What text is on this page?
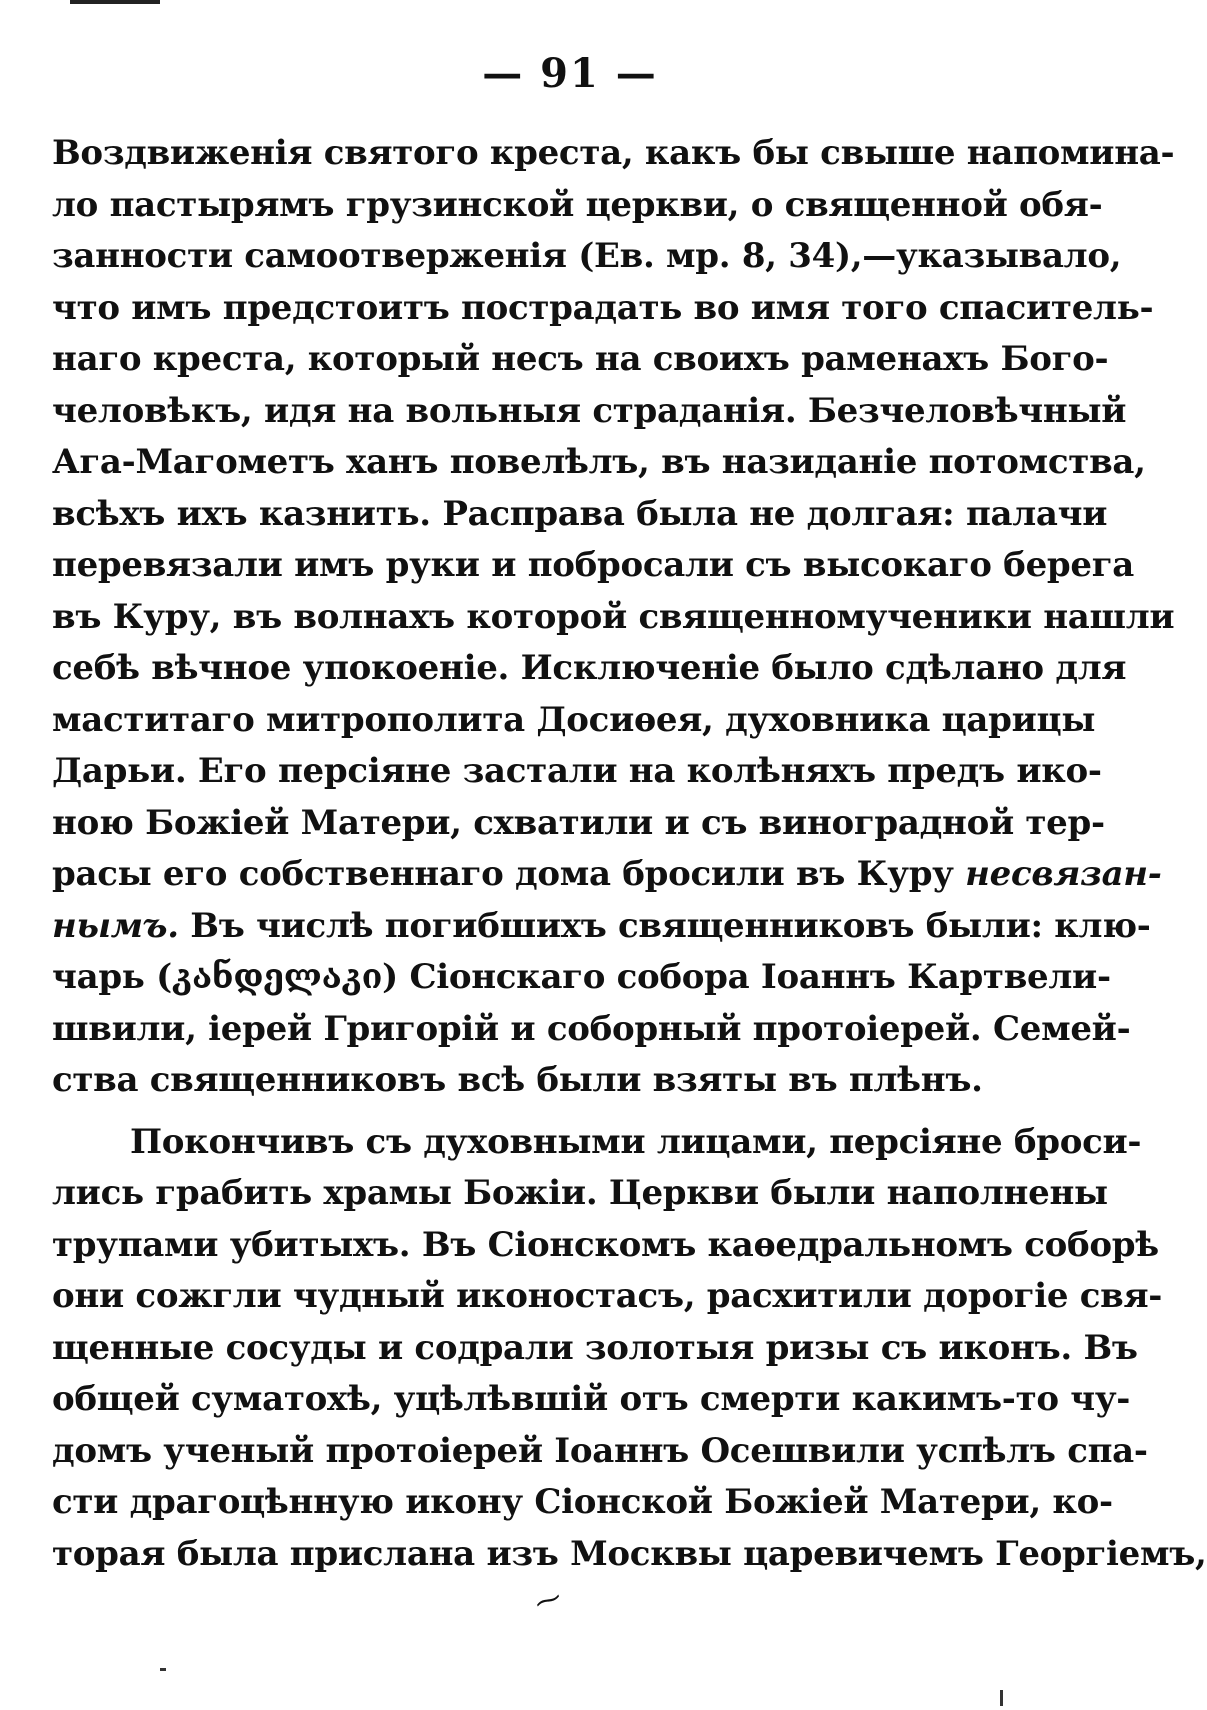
— 91 —
Воздвиженія святого креста, какъ бы свыше напомина-
ло пастырямъ грузинской церкви, о священной обя-
занности самоотверженія (Ев. мр. 8, 34),—указывало,
что имъ предстоитъ пострадать во имя того спаситель-
наго креста, который несъ на своихъ раменахъ Бого-
человѣкъ, идя на вольныя страданія. Безчеловѣчный
Ага-Магометъ ханъ повелѣлъ, въ назиданіе потомства,
всѣхъ ихъ казнить. Расправа была не долгая: палачи
перевязали имъ руки и побросали съ высокаго берега
въ Куру, въ волнахъ которой священномученики нашли
себѣ вѣчное упокоеніе. Исключеніе было сдѣлано для
маститаго митрополита Досиѳея, духовника царицы
Дарьи. Его персіяне застали на колѣняхъ предъ ико-
ною Божіей Матери, схватили и съ виноградной тер-
расы его собственнаго дома бросили въ Куру несвязан-
нымъ. Въ числѣ погибшихъ священниковъ были: клю-
чарь (კანდელაკი) Сіонскаго собора Іоаннъ Картвели-
швили, іерей Григорій и соборный протоіерей. Семей-
ства священниковъ всѣ были взяты въ плѣнъ.
Покончивъ съ духовными лицами, персіяне броси-
лись грабить храмы Божіи. Церкви были наполнены
трупами убитыхъ. Въ Сіонскомъ каѳедральномъ соборѣ
они сожгли чудный иконостасъ, расхитили дорогіе свя-
щенные сосуды и содрали золотыя ризы съ иконъ. Въ
общей суматохѣ, уцѣлѣвшій отъ смерти какимъ-то чу-
домъ ученый протоіерей Іоаннъ Осешвили успѣлъ спа-
сти драгоцѣнную икону Сіонской Божіей Матери, ко-
торая была прислана изъ Москвы царевичемъ Георгіемъ,
⁓
